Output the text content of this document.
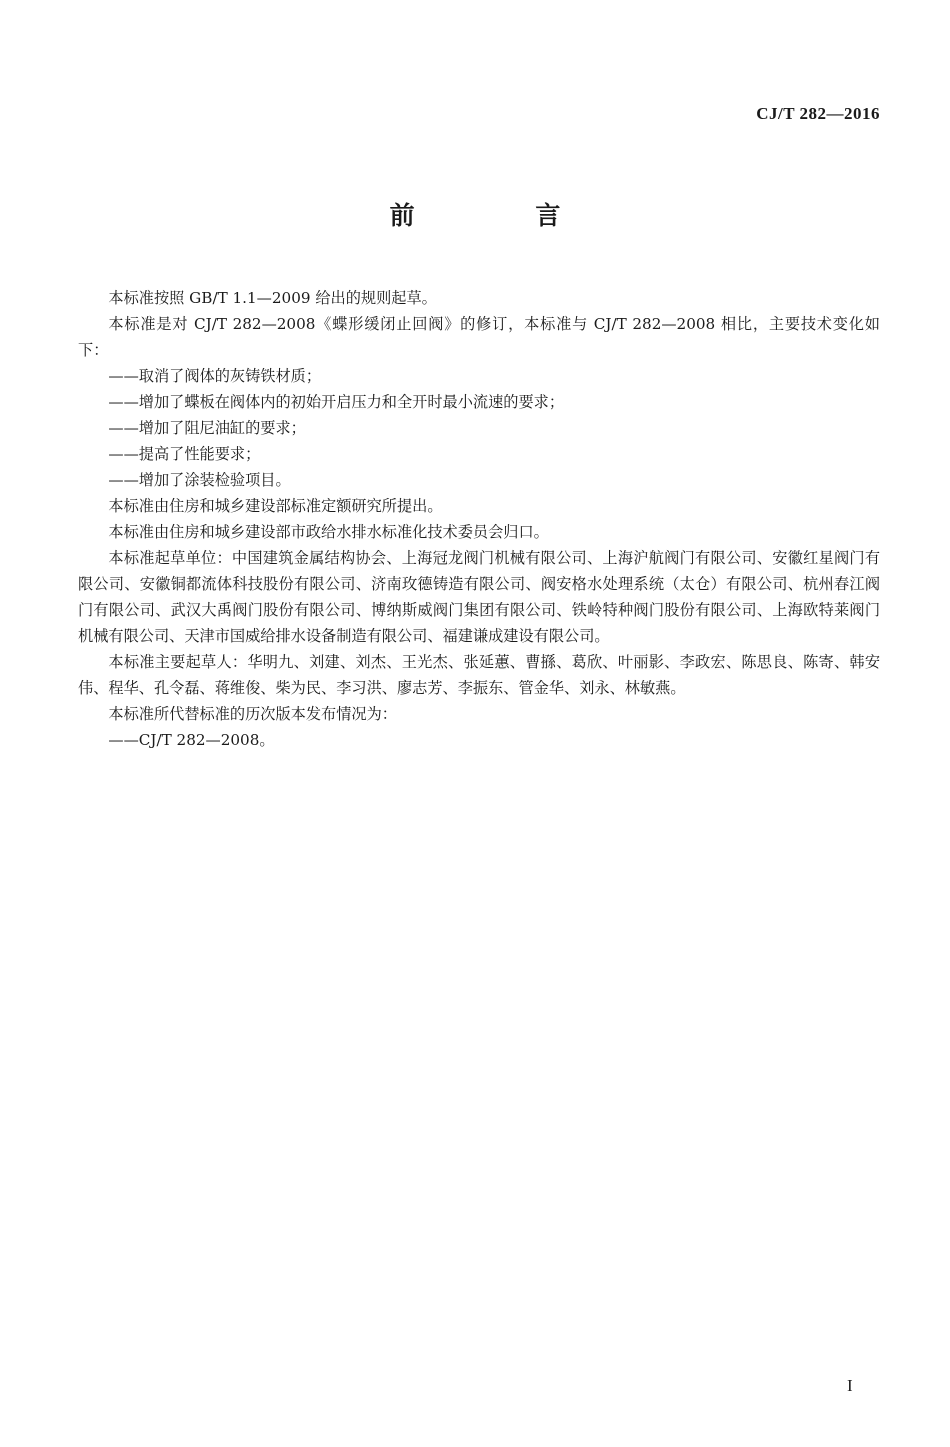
CJ/T 282—2016
前 言

本标准按照 GB/T 1.1—2009 给出的规则起草。

本标准是对 CJ/T 282—2008《蝶形缓闭止回阀》的修订，本标准与 CJ/T 282—2008 相比，主要技术变化如下：

——取消了阀体的灰铸铁材质；

——增加了蝶板在阀体内的初始开启压力和全开时最小流速的要求；

——增加了阻尼油缸的要求；

——提高了性能要求；

——增加了涂装检验项目。

本标准由住房和城乡建设部标准定额研究所提出。

本标准由住房和城乡建设部市政给水排水标准化技术委员会归口。

本标准起草单位：中国建筑金属结构协会、上海冠龙阀门机械有限公司、上海沪航阀门有限公司、安徽红星阀门有限公司、安徽铜都流体科技股份有限公司、济南玫德铸造有限公司、阀安格水处理系统（太仓）有限公司、杭州春江阀门有限公司、武汉大禹阀门股份有限公司、博纳斯威阀门集团有限公司、铁岭特种阀门股份有限公司、上海欧特莱阀门机械有限公司、天津市国威给排水设备制造有限公司、福建谦成建设有限公司。

本标准主要起草人：华明九、刘建、刘杰、王光杰、张延蕙、曹搎、葛欣、叶丽影、李政宏、陈思良、陈寄、韩安伟、程华、孔令磊、蒋维俊、柴为民、李习洪、廖志芳、李振东、管金华、刘永、林敏燕。

本标准所代替标准的历次版本发布情况为：

——CJ/T 282—2008。

I
